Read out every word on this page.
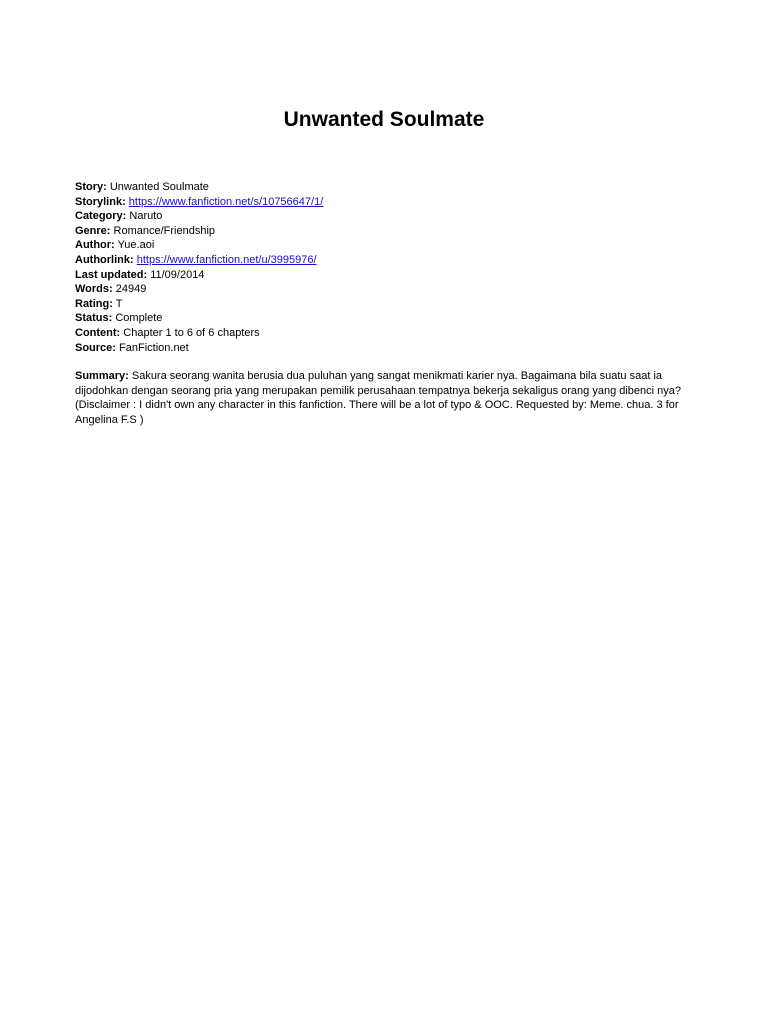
Unwanted Soulmate
Story: Unwanted Soulmate
Storylink: https://www.fanfiction.net/s/10756647/1/
Category: Naruto
Genre: Romance/Friendship
Author: Yue.aoi
Authorlink: https://www.fanfiction.net/u/3995976/
Last updated: 11/09/2014
Words: 24949
Rating: T
Status: Complete
Content: Chapter 1 to 6 of 6 chapters
Source: FanFiction.net
Summary: Sakura seorang wanita berusia dua puluhan yang sangat menikmati karier nya. Bagaimana bila suatu saat ia dijodohkan dengan seorang pria yang merupakan pemilik perusahaan tempatnya bekerja sekaligus orang yang dibenci nya? (Disclaimer : I didn't own any character in this fanfiction. There will be a lot of typo & OOC. Requested by: Meme. chua. 3 for Angelina F.S )
